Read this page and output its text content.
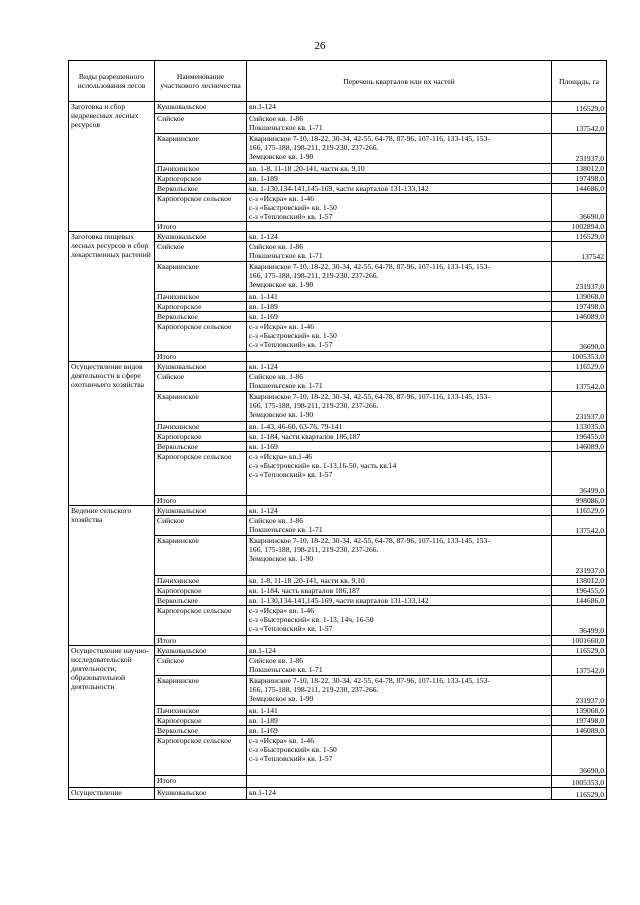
26
Виды разрешенного использования лесов	Наименование участкового лесничества	Перечень кварталов или их частей	Площадь, га
Заготовка и сбор недревесных лесных ресурсов	Кушковальское	кв.1-124	116529,0
	Сийское	Сийское кв. 1-86
Покшеньгское кв. 1-71	137542,0
	Кварнинское	Кварнинское 7-10, 18-22, 30-34, 42-55, 64-78, 87-96, 107-116, 133-145, 153-
166, 175-188, 198-211, 219-230, 237-266.
Земцовское кв. 1-90	231937,0
	Пачихинское	кв. 1-8, 11-18 ,20-141, части кв. 9,10	138012,0
	Карпогорское	кв. 1-189	197498,0
	Верколъское	кв. 1-130,134-141,145-169, части кварталов 131-133,142	144686,0
	Карпогорское сельское	с-з «Искра» кв. 1-46
с-з «Быстровский» кв. 1-50
с-з «Тепловский» кв. 1-57	36690,0
	Итого		1002894,0
Заготовка пищевых лесных ресурсов и сбор лекарственных растений	Кушковальское	кв. 1-124	116529,0
	Сийское	Сийское кв. 1-86
Покшеньгское кв. 1-71	137542
	Кварнинское	Кварнинское 7-10, 18-22, 30-34, 42-55, 64-78, 87-96, 107-116, 133-145, 153-
166, 175-188, 198-211, 219-230, 237-266.
Земцовское кв. 1-90	231937,0
	Пачихинское	кв. 1-141	139068,0
	Карпогорское	кв. 1-189	197498,0
	Верколъское	кв. 1-169	146089,0
	Карпогорское сельское	с-з «Искра» кв. 1-46
с-з «Быстровский» кв. 1-50
с-з «Тепловский» кв. 1-57	36690,0
	Итого		1005353,0
Осуществление видов деятельности в сфере охотничьего хозяйства	Кушковальское	кв. 1-124	116529,0
	Сийское	Сийское кв. 1-86
Покшеньгское кв. 1-71	137542,0
	Кварнинское	Кварнинское 7-10, 18-22, 30-34, 42-55, 64-78, 87-96, 107-116, 133-145, 153-
166, 175-188, 198-211, 219-230, 237-266.
Земцовское кв. 1-90	231937,0
	Пачихинское	кв. 1-43, 46-60, 63-76, 79-141	133035,0
	Карпогорское	кв. 1-184, части кварталов 186,187	196455,0
	Верколъское	кв. 1-169	146089,0
	Карпогорское сельское	с-з «Искра» кв.1-46
с-з «Быстровский» кв. 1-13,16-50, часть кв.14
с-з «Тепловский» кв. 1-57	36499,0
	Итого		998086,0
Ведение сельского хозяйства	Кушковальское	кв. 1-124	116529,0
	Сийское	Сийское кв. 1-86
Покшеньгское кв. 1-71	137542,0
	Кварнинское	Кварнинское 7-10, 18-22, 30-34, 42-55, 64-78, 87-96, 107-116, 133-145, 153-
166, 175-188, 198-211, 219-230, 237-266.
Земцовское кв. 1-90	231937,0
	Пачихинское	кв. 1-8, 11-18 ,20-141, части кв. 9,10	138012,0
	Карпогорское	кв. 1-184, часть кварталов 186,187	196455,0
	Верколъское	кв. 1-130,134-141,145-169, части кварталов 131-133,142	144686,0
	Карпогорское сельское	с-з «Искра» кв. 1-46
с-з «Быстровский» кв. 1-13, 14ч, 16-50
с-з «Тепловский» кв. 1-57	36499,0
	Итого		1001660,0
Осуществление научно-исследовательской деятельности, образовательной деятельности	Кушковальское	кв.1-124	116529,0
	Сийское	Сийское кв. 1-86
Покшеньгское кв. 1-71	137542,0
	Кварнинское	Кварнинское 7-10, 18-22, 30-34, 42-55, 64-78, 87-96, 107-116, 133-145, 153-
166, 175-188, 198-211, 219-230, 237-266.
Земцовское кв. 1-90	231937,0
	Пачихинское	кв. 1-141	139068,0
	Карпогорское	кв. 1-189	197498,0
	Верколъское	кв. 1-169	146089,0
	Карпогорское сельское	с-з «Искра» кв. 1-46
с-з «Быстровский» кв. 1-50
с-з «Тепловский» кв. 1-57	36690,0
	Итого		1005353,0
Осуществление	Кушковальское	кв.1-124	116529,0
